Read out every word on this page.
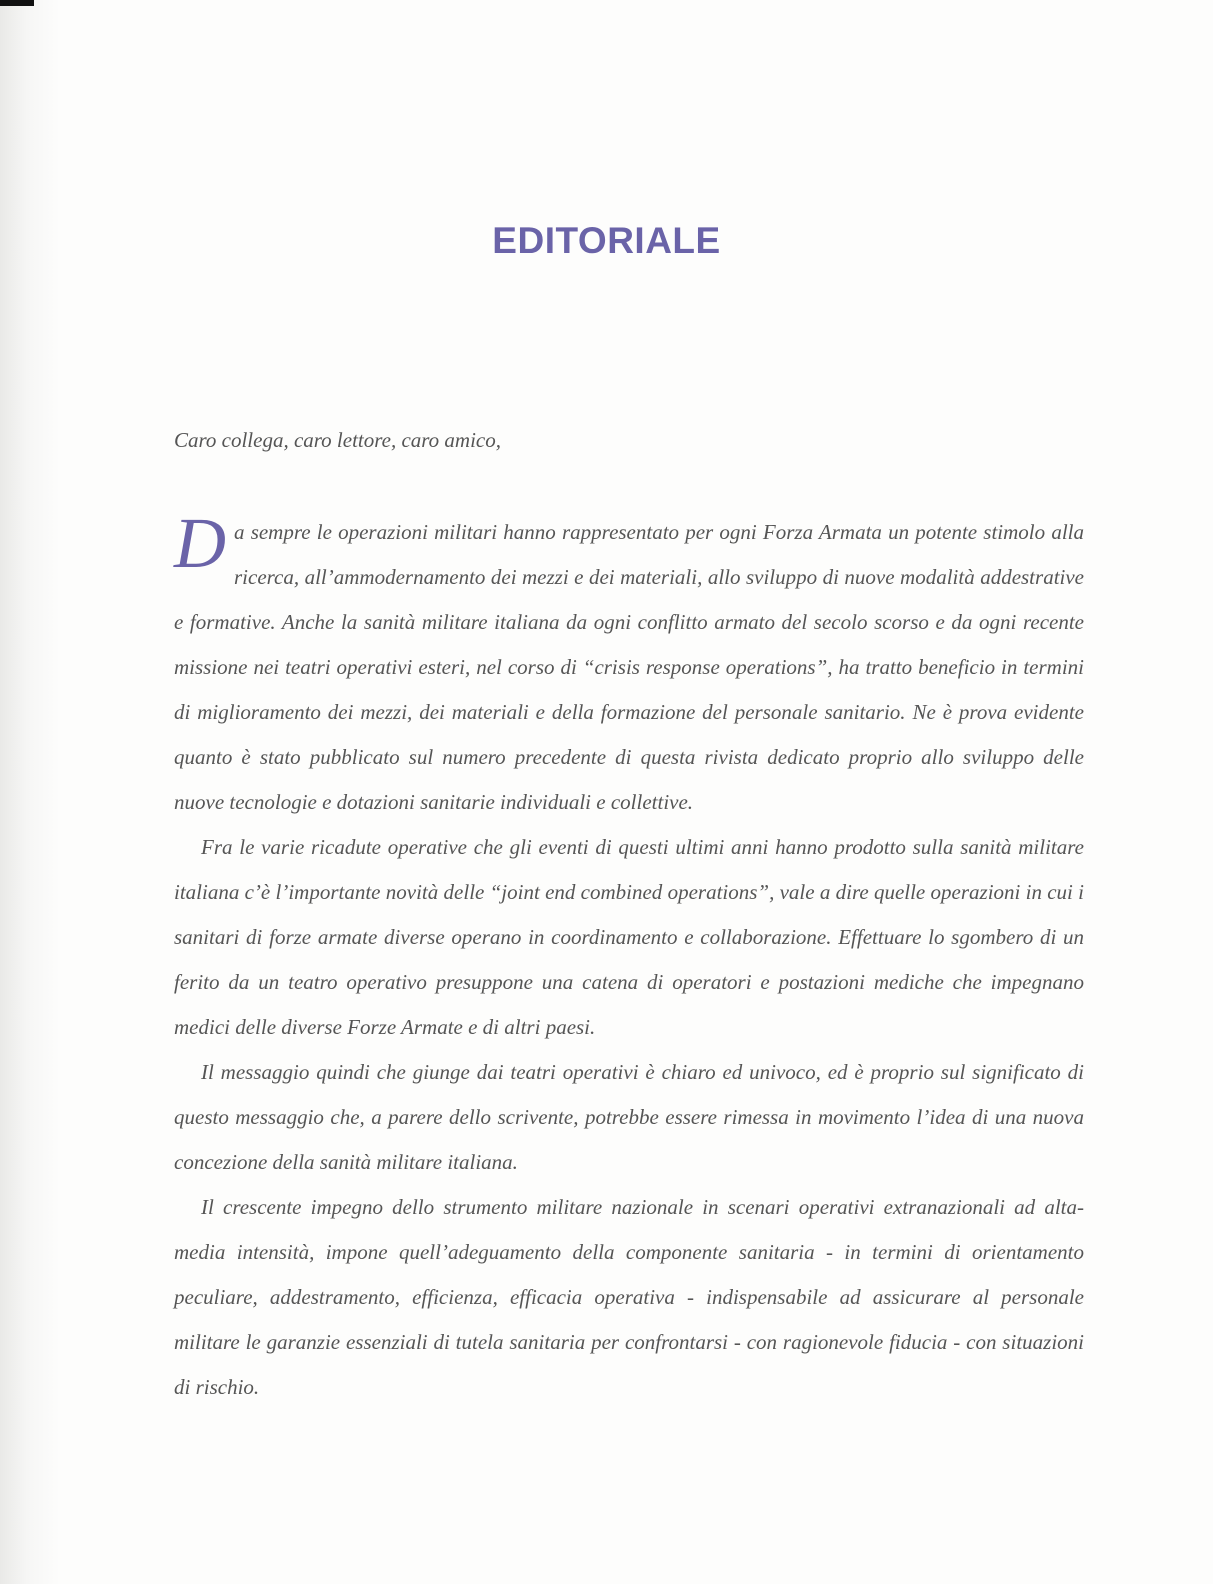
EDITORIALE

Caro collega, caro lettore, caro amico,

Da sempre le operazioni militari hanno rappresentato per ogni Forza Armata un potente stimolo alla ricerca, all’ammodernamento dei mezzi e dei materiali, allo sviluppo di nuove modalità addestrative e formative. Anche la sanità militare italiana da ogni conflitto armato del secolo scorso e da ogni recente missione nei teatri operativi esteri, nel corso di “crisis response operations”, ha tratto beneficio in termini di miglioramento dei mezzi, dei materiali e della formazione del personale sanitario. Ne è prova evidente quanto è stato pubblicato sul numero precedente di questa rivista dedicato proprio allo sviluppo delle nuove tecnologie e dotazioni sanitarie individuali e collettive.

Fra le varie ricadute operative che gli eventi di questi ultimi anni hanno prodotto sulla sanità militare italiana c’è l’importante novità delle “joint end combined operations”, vale a dire quelle operazioni in cui i sanitari di forze armate diverse operano in coordinamento e collaborazione. Effettuare lo sgombero di un ferito da un teatro operativo presuppone una catena di operatori e postazioni mediche che impegnano medici delle diverse Forze Armate e di altri paesi.

Il messaggio quindi che giunge dai teatri operativi è chiaro ed univoco, ed è proprio sul significato di questo messaggio che, a parere dello scrivente, potrebbe essere rimessa in movimento l’idea di una nuova concezione della sanità militare italiana.

Il crescente impegno dello strumento militare nazionale in scenari operativi extranazionali ad alta-media intensità, impone quell’adeguamento della componente sanitaria - in termini di orientamento peculiare, addestramento, efficienza, efficacia operativa - indispensabile ad assicurare al personale militare le garanzie essenziali di tutela sanitaria per confrontarsi - con ragionevole fiducia - con situazioni di rischio.
